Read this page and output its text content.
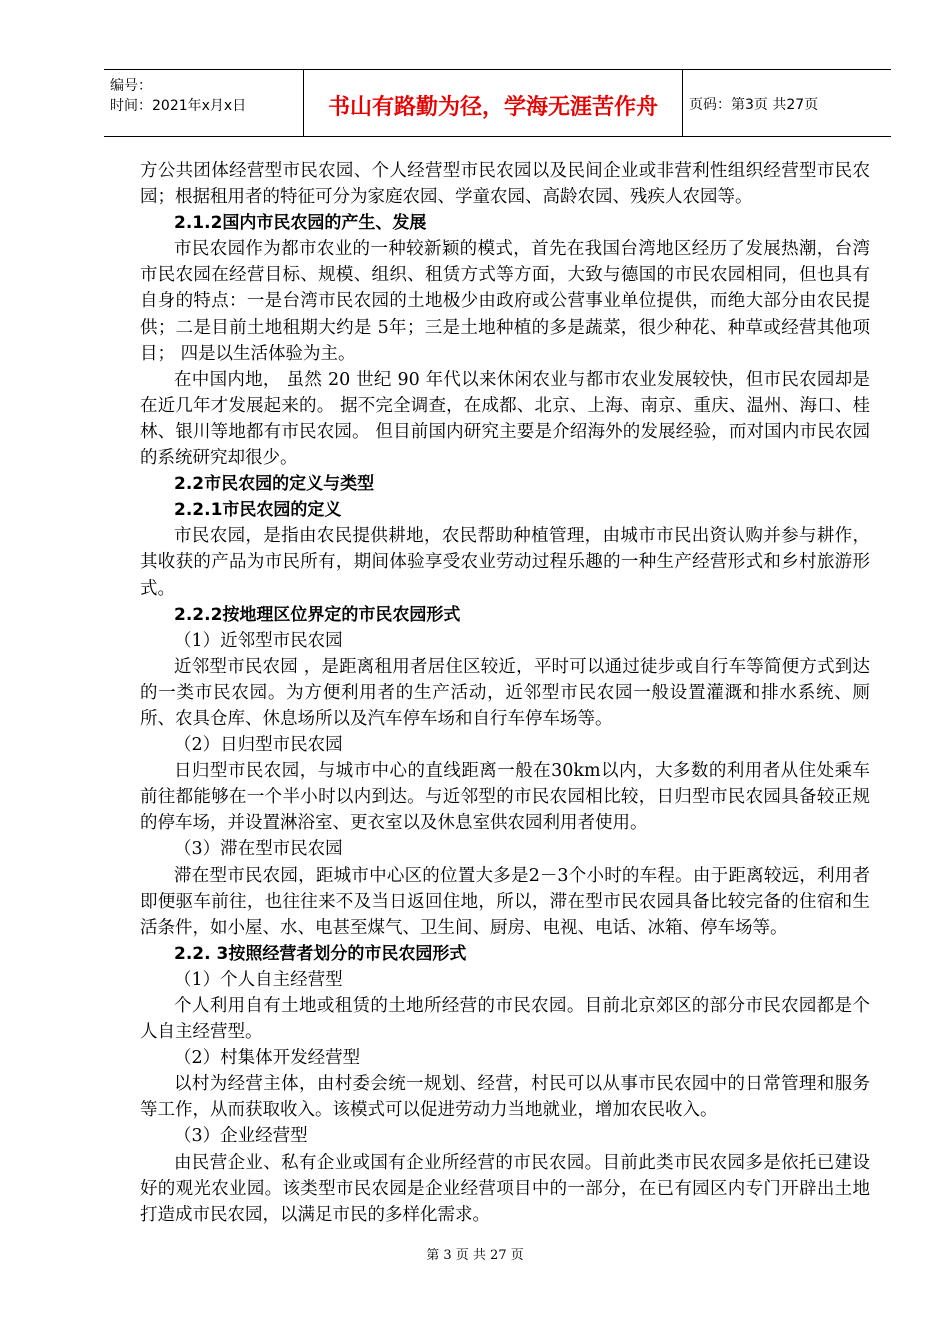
编号：
时间：2021年x月x日	书山有路勤为径，学海无涯苦作舟	页码：第3页 共27页

方公共团体经营型市民农园、个人经营型市民农园以及民间企业或非营利性组织经营型市民农园；根据租用者的特征可分为家庭农园、学童农园、高龄农园、残疾人农园等。

2.1.2国内市民农园的产生、发展

市民农园作为都市农业的一种较新颖的模式，首先在我国台湾地区经历了发展热潮，台湾市民农园在经营目标、规模、组织、租赁方式等方面，大致与德国的市民农园相同，但也具有自身的特点：一是台湾市民农园的土地极少由政府或公营事业单位提供，而绝大部分由农民提供；二是目前土地租期大约是 5年；三是土地种植的多是蔬菜，很少种花、种草或经营其他项目； 四是以生活体验为主。

在中国内地， 虽然 20 世纪 90 年代以来休闲农业与都市农业发展较快，但市民农园却是在近几年才发展起来的。 据不完全调查，在成都、北京、上海、南京、重庆、温州、海口、桂林、银川等地都有市民农园。 但目前国内研究主要是介绍海外的发展经验，而对国内市民农园的系统研究却很少。

2.2市民农园的定义与类型

2.2.1市民农园的定义

市民农园，是指由农民提供耕地，农民帮助种植管理，由城市市民出资认购并参与耕作，其收获的产品为市民所有，期间体验享受农业劳动过程乐趣的一种生产经营形式和乡村旅游形式。

2.2.2按地理区位界定的市民农园形式

（1）近邻型市民农园

近邻型市民农园 ，是距离租用者居住区较近，平时可以通过徒步或自行车等简便方式到达的一类市民农园。为方便利用者的生产活动，近邻型市民农园一般设置灌溉和排水系统、厕所、农具仓库、休息场所以及汽车停车场和自行车停车场等。

（2）日归型市民农园

日归型市民农园，与城市中心的直线距离一般在30km以内，大多数的利用者从住处乘车前往都能够在一个半小时以内到达。与近邻型的市民农园相比较，日归型市民农园具备较正规的停车场，并设置淋浴室、更衣室以及休息室供农园利用者使用。

（3）滞在型市民农园

滞在型市民农园，距城市中心区的位置大多是2－3个小时的车程。由于距离较远，利用者即便驱车前往，也往往来不及当日返回住地，所以，滞在型市民农园具备比较完备的住宿和生活条件，如小屋、水、电甚至煤气、卫生间、厨房、电视、电话、冰箱、停车场等。

2.2. 3按照经营者划分的市民农园形式

（1）个人自主经营型

个人利用自有土地或租赁的土地所经营的市民农园。目前北京郊区的部分市民农园都是个人自主经营型。

（2）村集体开发经营型

以村为经营主体，由村委会统一规划、经营，村民可以从事市民农园中的日常管理和服务等工作，从而获取收入。该模式可以促进劳动力当地就业，增加农民收入。

（3）企业经营型

由民营企业、私有企业或国有企业所经营的市民农园。目前此类市民农园多是依托已建设好的观光农业园。该类型市民农园是企业经营项目中的一部分，在已有园区内专门开辟出土地打造成市民农园，以满足市民的多样化需求。

第 3 页 共 27 页
